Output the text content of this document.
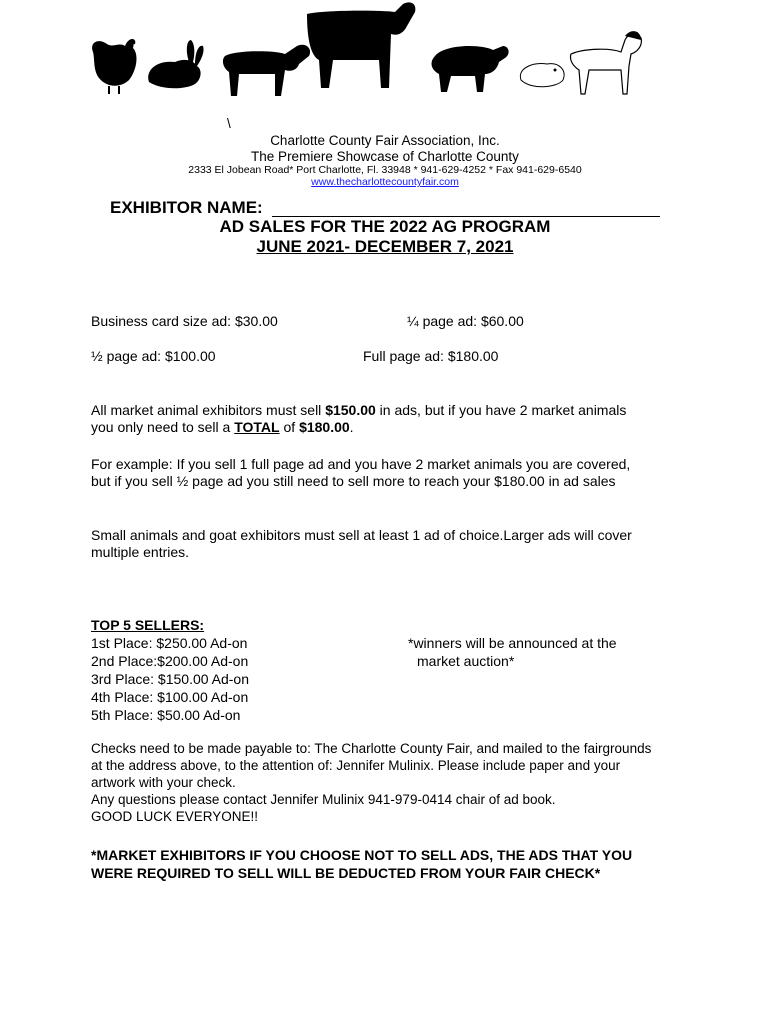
\
Charlotte County Fair Association, Inc.
The Premiere Showcase of Charlotte County
2333 El Jobean Road* Port Charlotte, Fl. 33948 * 941-629-4252 * Fax 941-629-6540
www.thecharlottecountyfair.com
EXHIBITOR NAME:
AD SALES FOR THE 2022 AG PROGRAM
JUNE 2021- DECEMBER 7, 2021
Business card size ad: $30.00	¼ page ad: $60.00
½ page ad: $100.00	Full page ad: $180.00
All market animal exhibitors must sell $150.00 in ads, but if you have 2 market animals
you only need to sell a TOTAL of $180.00.
For example: If you sell 1 full page ad and you have 2 market animals you are covered,
but if you sell ½ page ad you still need to sell more to reach your $180.00 in ad sales
Small animals and goat exhibitors must sell at least 1 ad of choice.Larger ads will cover
multiple entries.
TOP 5 SELLERS:
1st Place: $250.00 Ad-on
2nd Place:$200.00 Ad-on
3rd Place: $150.00 Ad-on
4th Place: $100.00 Ad-on
5th Place: $50.00 Ad-on
*winners will be announced at the
market auction*
Checks need to be made payable to: The Charlotte County Fair, and mailed to the fairgrounds
at the address above, to the attention of: Jennifer Mulinix. Please include paper and your
artwork with your check.
Any questions please contact Jennifer Mulinix 941-979-0414 chair of ad book.
GOOD LUCK EVERYONE!!
*MARKET EXHIBITORS IF YOU CHOOSE NOT TO SELL ADS, THE ADS THAT YOU
WERE REQUIRED TO SELL WILL BE DEDUCTED FROM YOUR FAIR CHECK*
